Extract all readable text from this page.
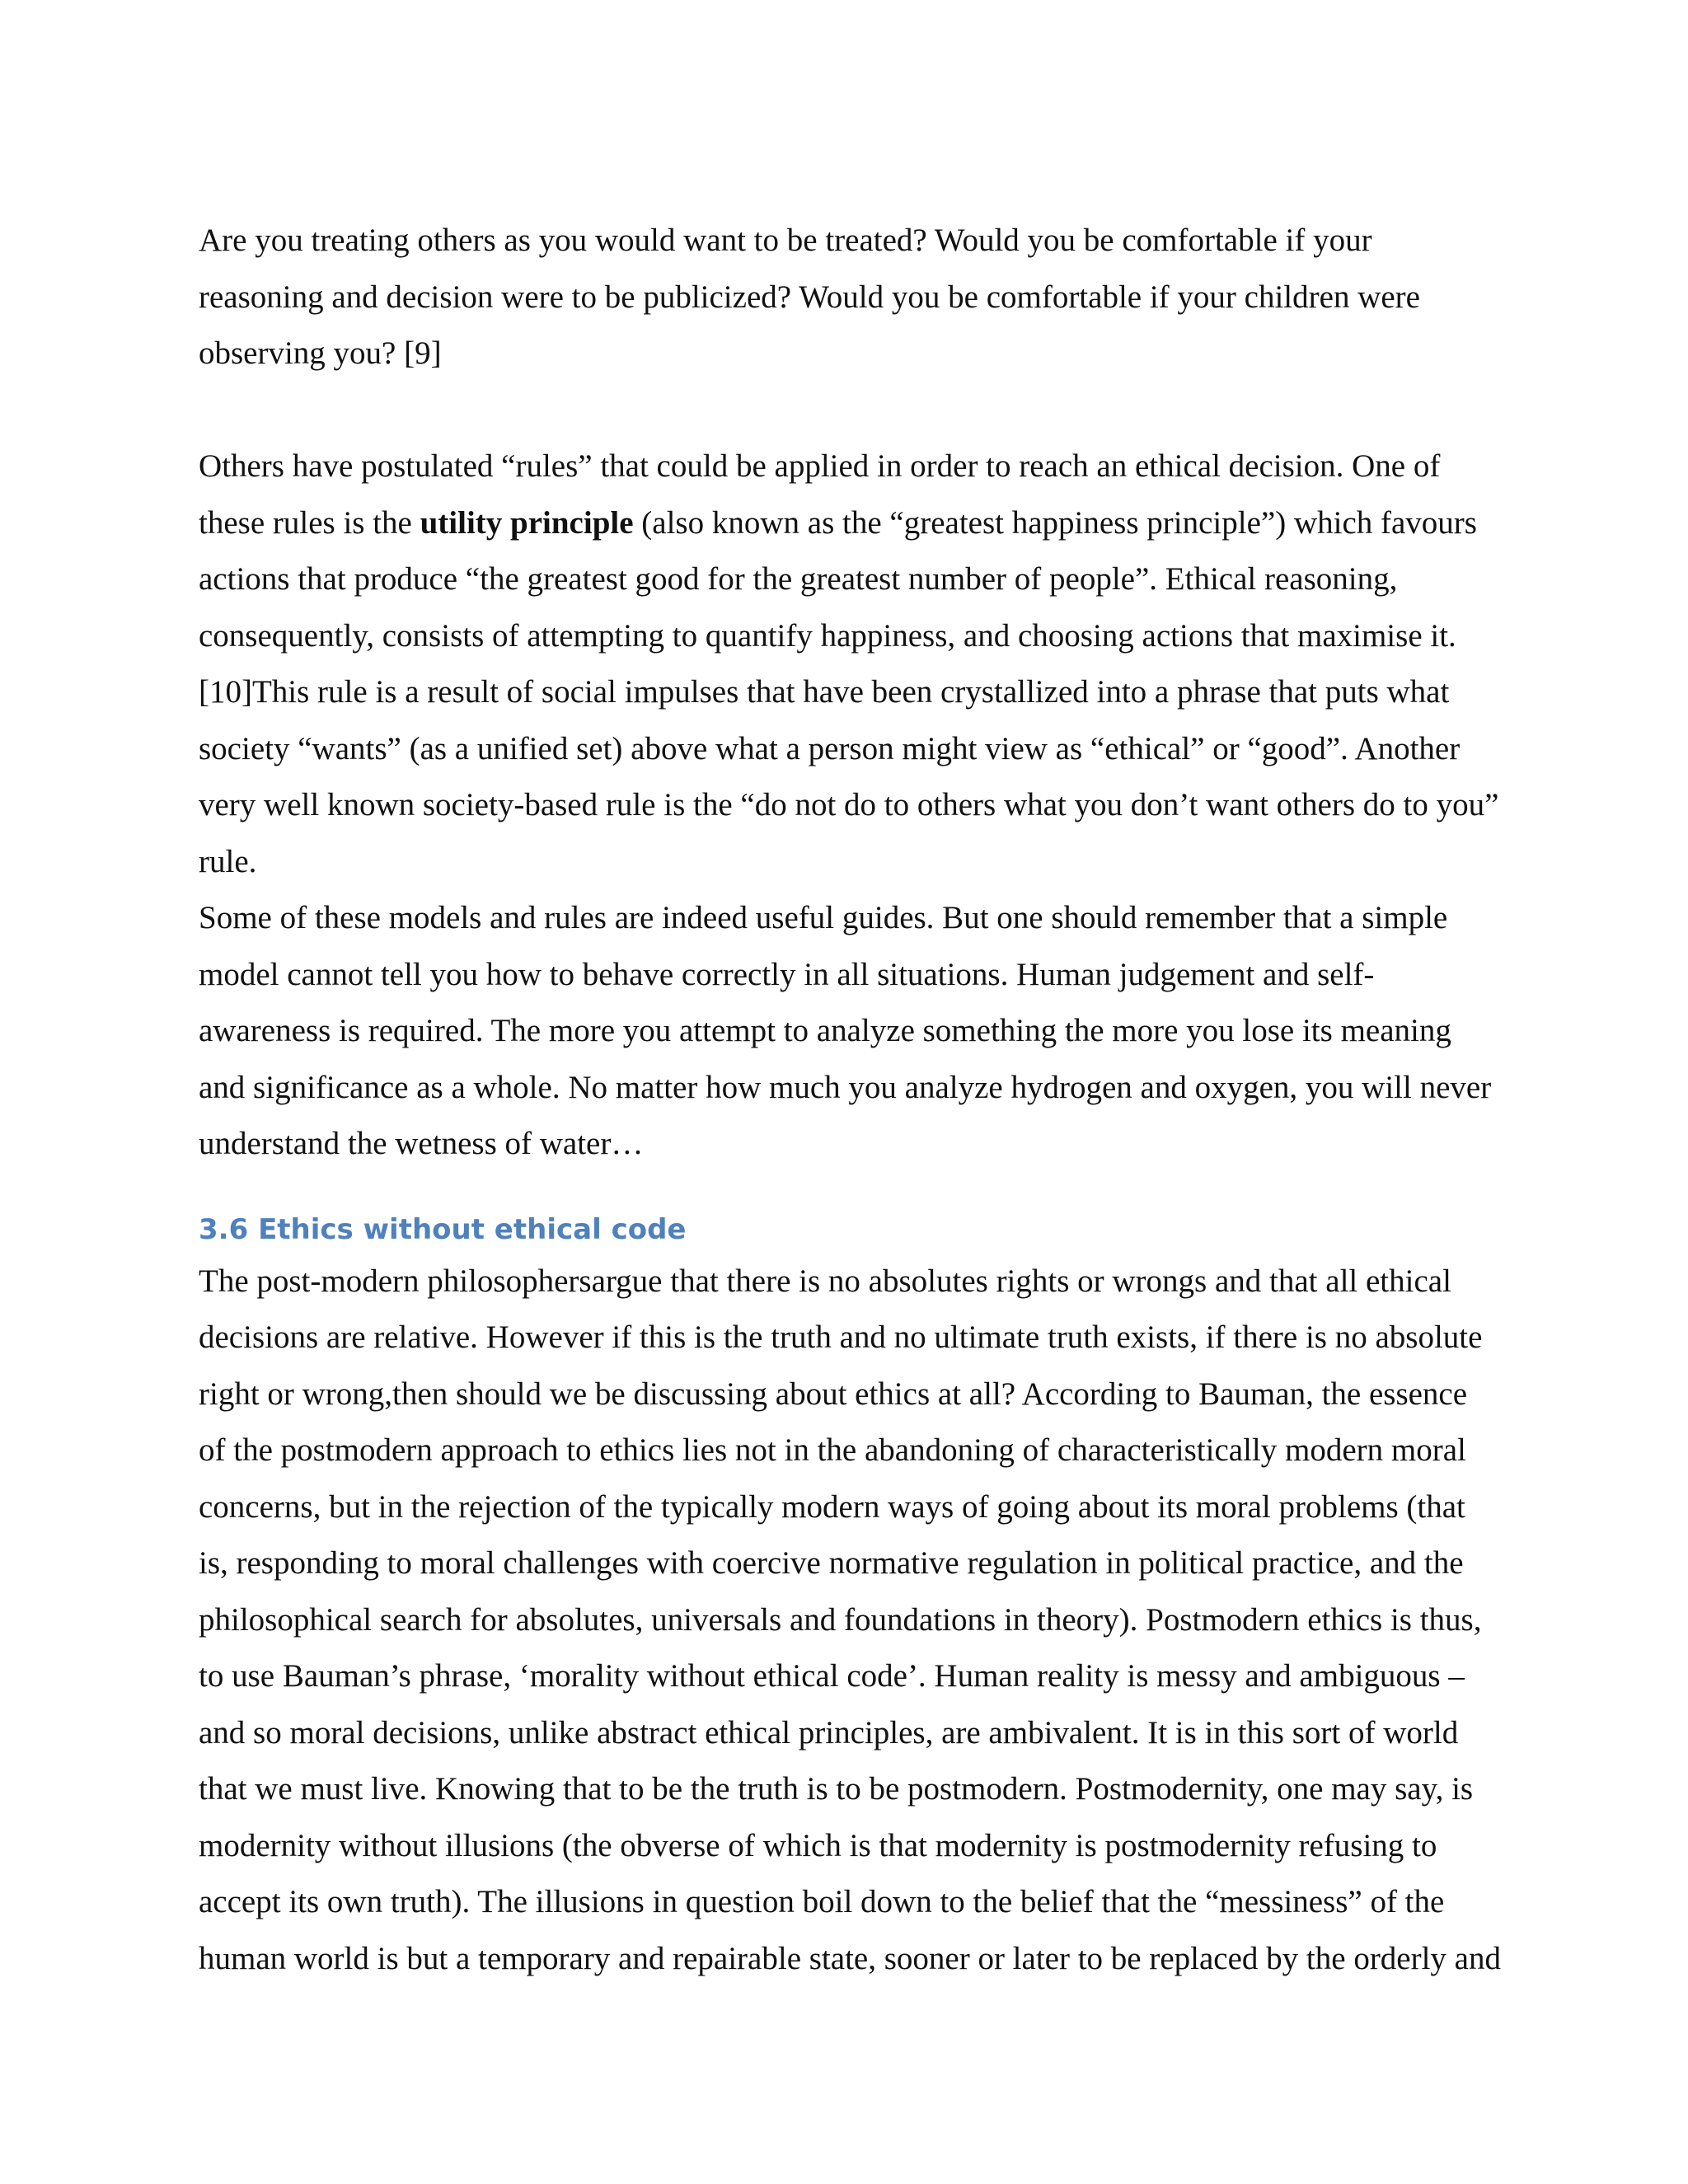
Are you treating others as you would want to be treated? Would you be comfortable if your reasoning and decision were to be publicized? Would you be comfortable if your children were observing you? [9]

Others have postulated “rules” that could be applied in order to reach an ethical decision. One of these rules is the utility principle (also known as the “greatest happiness principle”) which favours actions that produce “the greatest good for the greatest number of people”. Ethical reasoning, consequently, consists of attempting to quantify happiness, and choosing actions that maximise it. [10]This rule is a result of social impulses that have been crystallized into a phrase that puts what society “wants” (as a unified set) above what a person might view as “ethical” or “good”. Another very well known society-based rule is the “do not do to others what you don’t want others do to you” rule.

Some of these models and rules are indeed useful guides. But one should remember that a simple model cannot tell you how to behave correctly in all situations. Human judgement and self-awareness is required. The more you attempt to analyze something the more you lose its meaning and significance as a whole. No matter how much you analyze hydrogen and oxygen, you will never understand the wetness of water…

3.6 Ethics without ethical code

The post-modern philosophersargue that there is no absolutes rights or wrongs and that all ethical decisions are relative. However if this is the truth and no ultimate truth exists, if there is no absolute right or wrong,then should we be discussing about ethics at all? According to Bauman, the essence of the postmodern approach to ethics lies not in the abandoning of characteristically modern moral concerns, but in the rejection of the typically modern ways of going about its moral problems (that is, responding to moral challenges with coercive normative regulation in political practice, and the philosophical search for absolutes, universals and foundations in theory). Postmodern ethics is thus, to use Bauman’s phrase, ‘morality without ethical code’. Human reality is messy and ambiguous – and so moral decisions, unlike abstract ethical principles, are ambivalent. It is in this sort of world that we must live. Knowing that to be the truth is to be postmodern. Postmodernity, one may say, is modernity without illusions (the obverse of which is that modernity is postmodernity refusing to accept its own truth). The illusions in question boil down to the belief that the “messiness” of the human world is but a temporary and repairable state, sooner or later to be replaced by the orderly and
